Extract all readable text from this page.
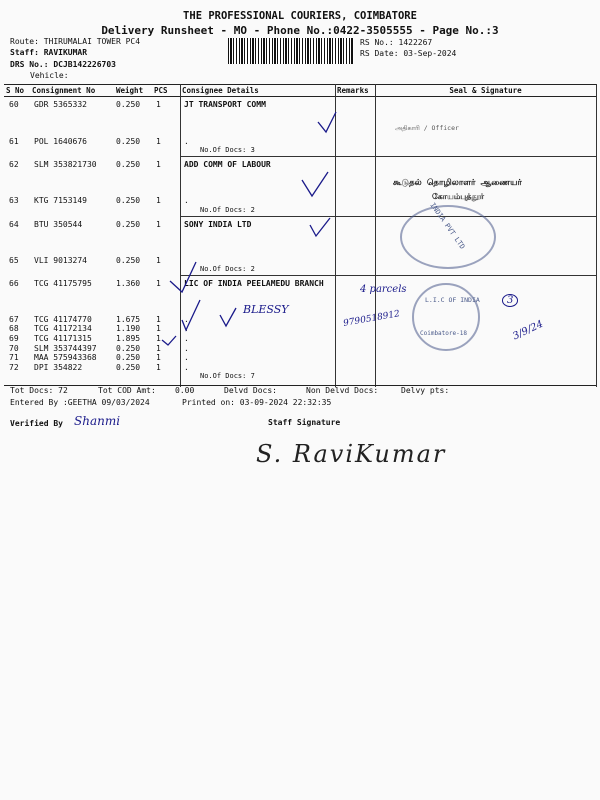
THE PROFESSIONAL COURIERS, COIMBATORE
Delivery Runsheet - MO - Phone No.:0422-3505555 - Page No.:3
Route: THIRUMALAI TOWER PC4
Staff: RAVIKUMAR
DRS No.: DCJB142226703
Vehicle:
RS No.: 1422267
RS Date: 03-Sep-2024
S No	Consignment No	Weight	PCS	Consignee Details	Remarks	Seal & Signature
60 GDR 5365332	0.250 1	JT TRANSPORT COMM
61 POL 1640676	0.250 1	.
No.Of Docs: 3
62 SLM 353821730 0.250 1	ADD COMM OF LABOUR
63 KTG 7153149	0.250 1	.
No.Of Docs: 2
64 BTU 350544	0.250 1	SONY INDIA LTD
65 VLI 9013274	0.250 1
No.Of Docs: 2
66 TCG 41175795	1.360 1	LIC OF INDIA PEELAMEDU BRANCH
67 TCG 41174770	1.675 1	.
68 TCG 41172134	1.190 1	.
69 TCG 41171315	1.895 1	.
70 SLM 353744397 0.250 1	.
71 MAA 575943368 0.250 1	.
72 DPI 354822	0.250 1	.
No.Of Docs: 7
INDIA PVT LTD
L.I.C OF INDIA
Coimbatore-18
அதிகாரி / Officer
கூடுதல் தொழிலாளர் ஆணையர்
கோயம்புத்தூர்
4 parcels
9790518912
BLESSY
3/9/24
3
Tot Docs: 72	Tot COD Amt: 0.00	Delvd Docs:	Non Delvd Docs:	Delvy pts:
Entered By :GEETHA 09/03/2024	Printed on: 03-09-2024 22:32:35
Verified By Shanmi	Staff Signature
S. RaviKumar
